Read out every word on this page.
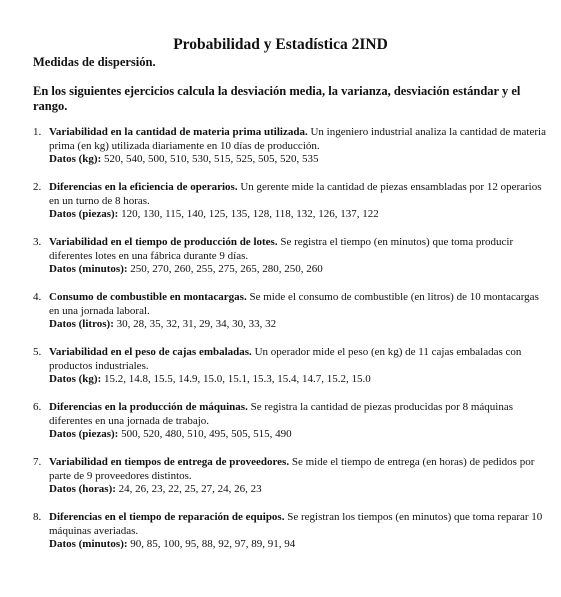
Probabilidad y Estadística 2IND

Medidas de dispersión.

En los siguientes ejercicios calcula la desviación media, la varianza, desviación estándar y el rango.

1. Variabilidad en la cantidad de materia prima utilizada. Un ingeniero industrial analiza la cantidad de materia prima (en kg) utilizada diariamente en 10 días de producción.
Datos (kg): 520, 540, 500, 510, 530, 515, 525, 505, 520, 535
2. Diferencias en la eficiencia de operarios. Un gerente mide la cantidad de piezas ensambladas por 12 operarios en un turno de 8 horas.
Datos (piezas): 120, 130, 115, 140, 125, 135, 128, 118, 132, 126, 137, 122
3. Variabilidad en el tiempo de producción de lotes. Se registra el tiempo (en minutos) que toma producir diferentes lotes en una fábrica durante 9 días.
Datos (minutos): 250, 270, 260, 255, 275, 265, 280, 250, 260
4. Consumo de combustible en montacargas. Se mide el consumo de combustible (en litros) de 10 montacargas en una jornada laboral.
Datos (litros): 30, 28, 35, 32, 31, 29, 34, 30, 33, 32
5. Variabilidad en el peso de cajas embaladas. Un operador mide el peso (en kg) de 11 cajas embaladas con productos industriales.
Datos (kg): 15.2, 14.8, 15.5, 14.9, 15.0, 15.1, 15.3, 15.4, 14.7, 15.2, 15.0
6. Diferencias en la producción de máquinas. Se registra la cantidad de piezas producidas por 8 máquinas diferentes en una jornada de trabajo.
Datos (piezas): 500, 520, 480, 510, 495, 505, 515, 490
7. Variabilidad en tiempos de entrega de proveedores. Se mide el tiempo de entrega (en horas) de pedidos por parte de 9 proveedores distintos.
Datos (horas): 24, 26, 23, 22, 25, 27, 24, 26, 23
8. Diferencias en el tiempo de reparación de equipos. Se registran los tiempos (en minutos) que toma reparar 10 máquinas averiadas.
Datos (minutos): 90, 85, 100, 95, 88, 92, 97, 89, 91, 94
